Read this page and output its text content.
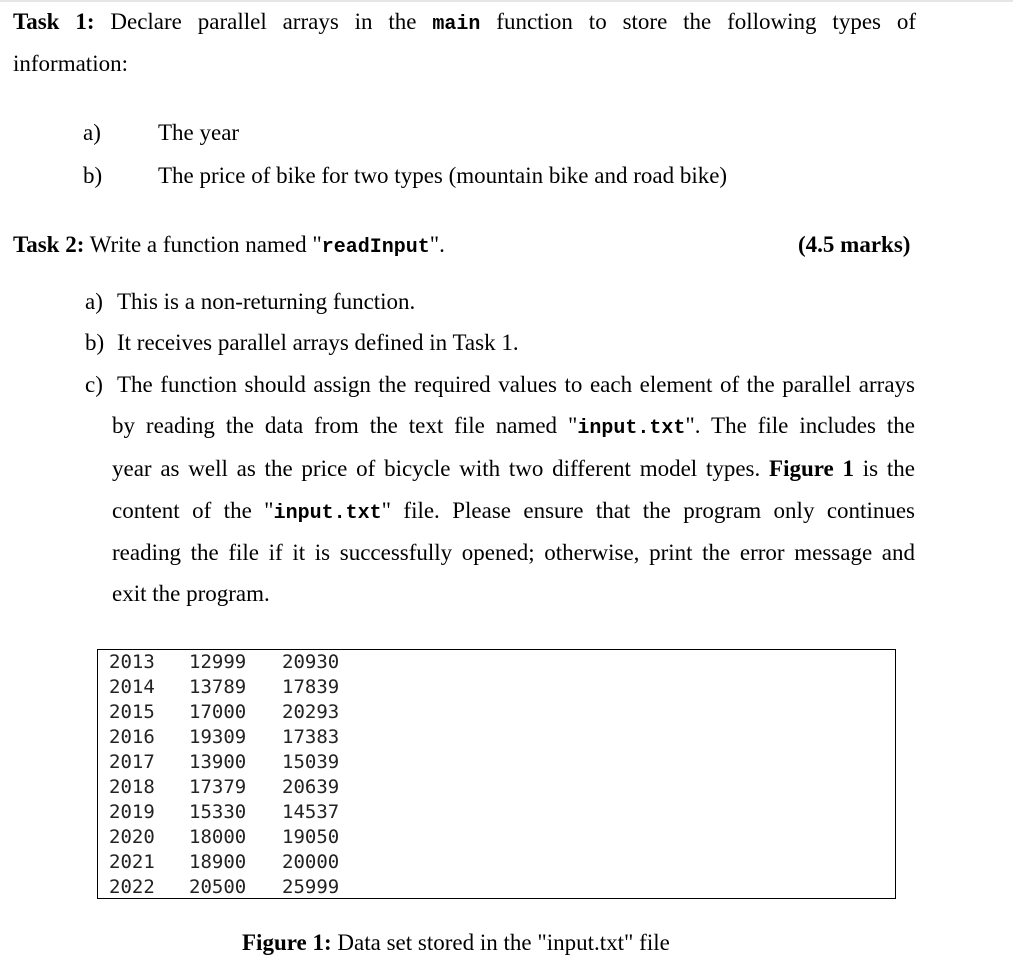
Task 1: Declare parallel arrays in the main function to store the following types of
information:
a) The year
b) The price of bike for two types (mountain bike and road bike)
Task 2: Write a function named "readInput".	(4.5 marks)
a) This is a non-returning function.
b) It receives parallel arrays defined in Task 1.
c) The function should assign the required values to each element of the parallel arrays
by reading the data from the text file named "input.txt". The file includes the
year as well as the price of bicycle with two different model types. Figure 1 is the
content of the "input.txt" file. Please ensure that the program only continues
reading the file if it is successfully opened; otherwise, print the error message and
exit the program.
2013 12999 20930
2014 13789 17839
2015 17000 20293
2016 19309 17383
2017 13900 15039
2018 17379 20639
2019 15330 14537
2020 18000 19050
2021 18900 20000
2022 20500 25999
Figure 1: Data set stored in the "input.txt" file
